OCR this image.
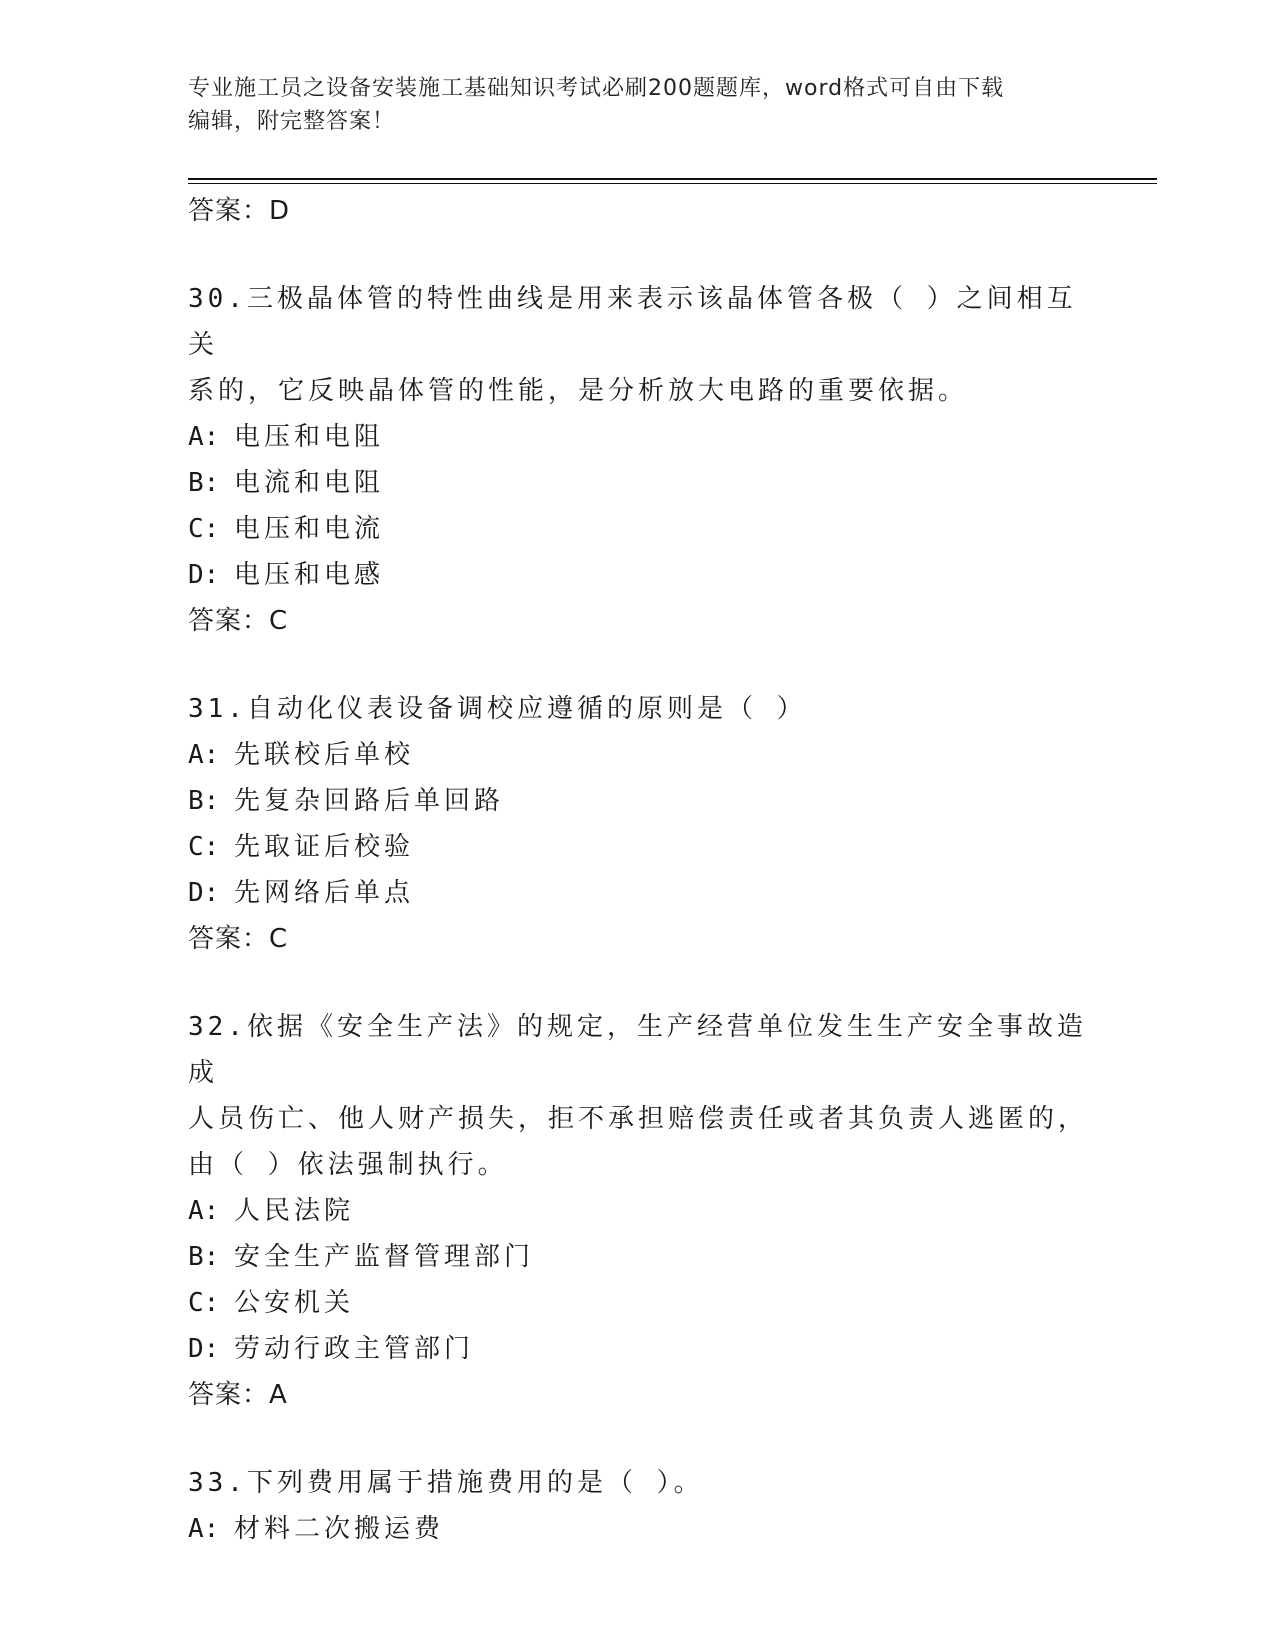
专业施工员之设备安装施工基础知识考试必刷200题题库，word格式可自由下载
编辑，附完整答案！
答案：D
30.三极晶体管的特性曲线是用来表示该晶体管各极（ ）之间相互关
系的，它反映晶体管的性能，是分析放大电路的重要依据。
A: 电压和电阻
B: 电流和电阻
C: 电压和电流
D: 电压和电感
答案：C
31.自动化仪表设备调校应遵循的原则是（ ）
A: 先联校后单校
B: 先复杂回路后单回路
C: 先取证后校验
D: 先网络后单点
答案：C
32.依据《安全生产法》的规定，生产经营单位发生生产安全事故造成
人员伤亡、他人财产损失，拒不承担赔偿责任或者其负责人逃匿的，
由（ ）依法强制执行。
A: 人民法院
B: 安全生产监督管理部门
C: 公安机关
D: 劳动行政主管部门
答案：A
33.下列费用属于措施费用的是（ ）。
A: 材料二次搬运费
